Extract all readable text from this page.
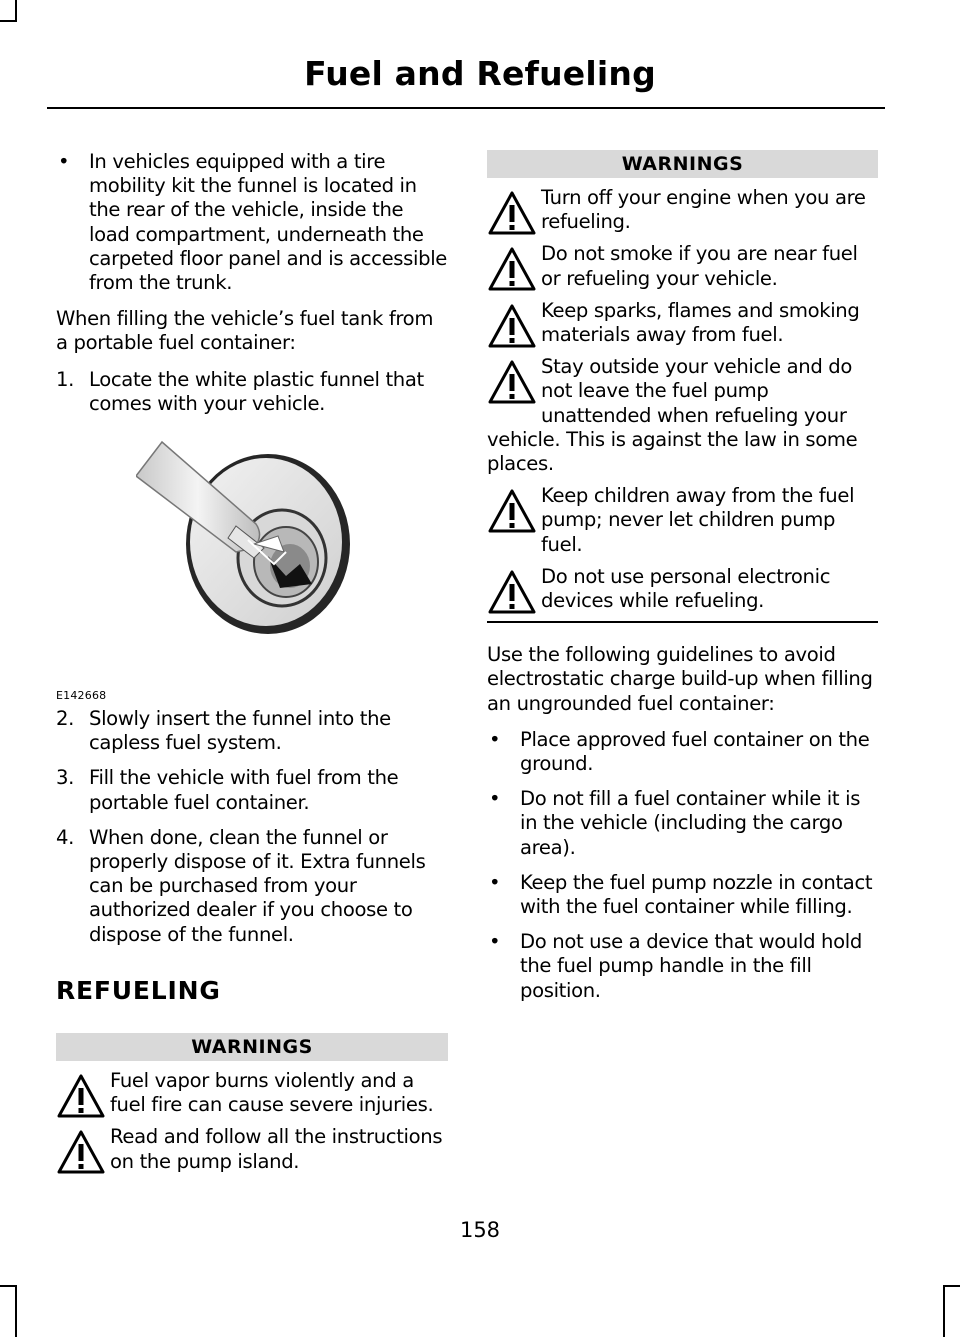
Fuel and Refueling
• In vehicles equipped with a tire mobility kit the funnel is located in the rear of the vehicle, inside the load compartment, underneath the carpeted floor panel and is accessible from the trunk.

When filling the vehicle’s fuel tank from a portable fuel container:

1. Locate the white plastic funnel that comes with your vehicle.
E142668
2. Slowly insert the funnel into the capless fuel system.
3. Fill the vehicle with fuel from the portable fuel container.
4. When done, clean the funnel or properly dispose of it. Extra funnels can be purchased from your authorized dealer if you choose to dispose of the funnel.
REFUELING
WARNINGS
Fuel vapor burns violently and a fuel fire can cause severe injuries.
Read and follow all the instructions on the pump island.
WARNINGS
Turn off your engine when you are refueling.
Do not smoke if you are near fuel or refueling your vehicle.
Keep sparks, flames and smoking materials away from fuel.
Stay outside your vehicle and do not leave the fuel pump unattended when refueling your vehicle. This is against the law in some places.
Keep children away from the fuel pump; never let children pump fuel.
Do not use personal electronic devices while refueling.

Use the following guidelines to avoid electrostatic charge build-up when filling an ungrounded fuel container:

• Place approved fuel container on the ground.
• Do not fill a fuel container while it is in the vehicle (including the cargo area).
• Keep the fuel pump nozzle in contact with the fuel container while filling.
• Do not use a device that would hold the fuel pump handle in the fill position.
158
